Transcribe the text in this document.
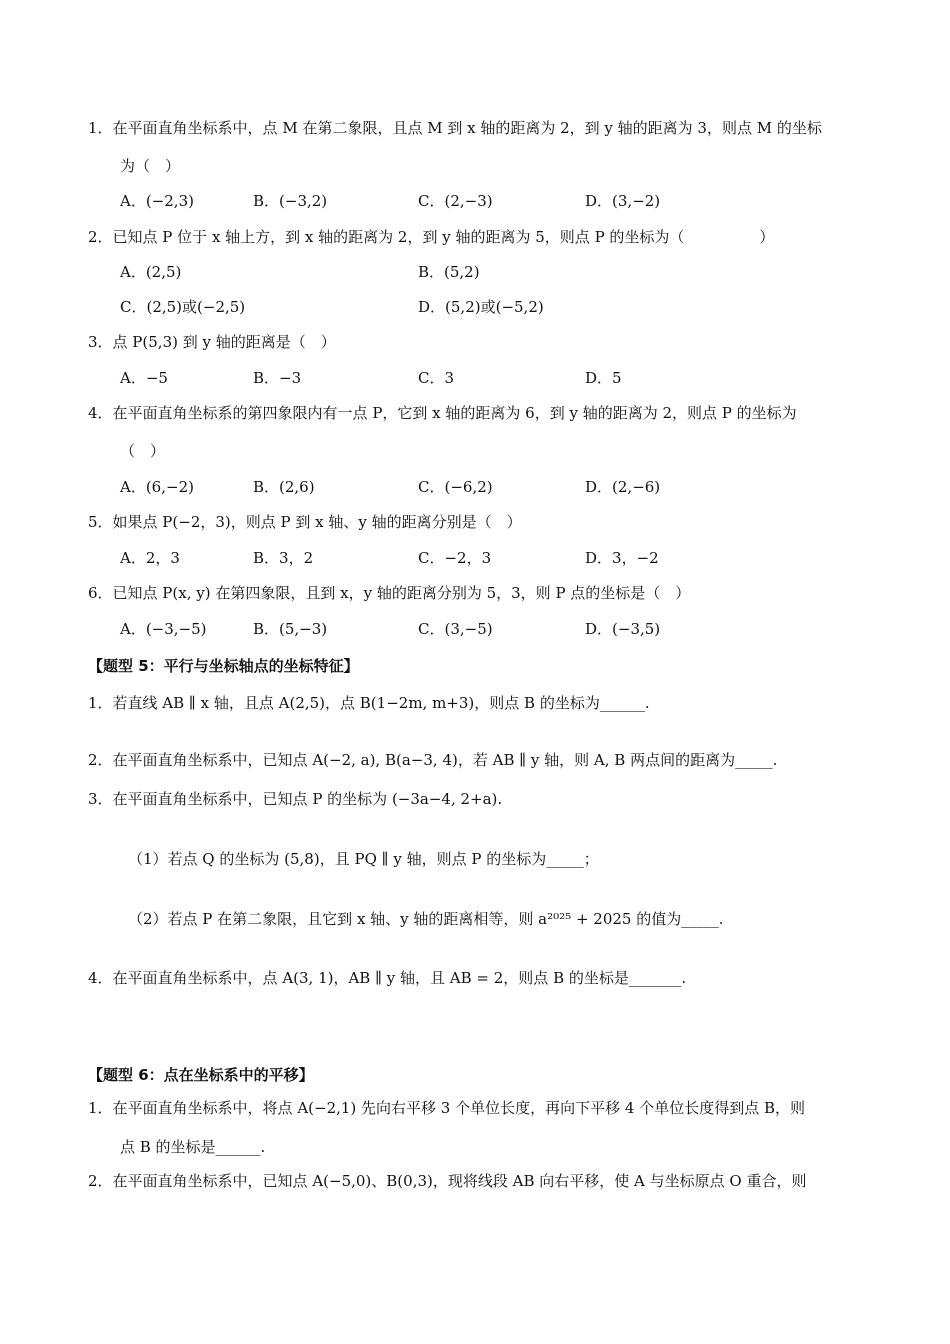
1．在平面直角坐标系中，点 M 在第二象限，且点 M 到 x 轴的距离为 2，到 y 轴的距离为 3，则点 M 的坐标
为（　）
A．(−2,3)	B．(−3,2)	C．(2,−3)	D．(3,−2)
2．已知点 P 位于 x 轴上方，到 x 轴的距离为 2，到 y 轴的距离为 5，则点 P 的坐标为（　　　　　）
A．(2,5)	B．(5,2)
C．(2,5)或(−2,5)	D．(5,2)或(−5,2)
3．点 P(5,3) 到 y 轴的距离是（　）
A．−5	B．−3	C．3	D．5
4．在平面直角坐标系的第四象限内有一点 P，它到 x 轴的距离为 6，到 y 轴的距离为 2，则点 P 的坐标为
（　）
A．(6,−2)	B．(2,6)	C．(−6,2)	D．(2,−6)
5．如果点 P(−2，3)，则点 P 到 x 轴、y 轴的距离分别是（　）
A．2，3	B．3，2	C．−2，3	D．3，−2
6．已知点 P(x, y) 在第四象限，且到 x，y 轴的距离分别为 5，3，则 P 点的坐标是（　）
A．(−3,−5)	B．(5,−3)	C．(3,−5)	D．(−3,5)
【题型 5：平行与坐标轴点的坐标特征】
1．若直线 AB ∥ x 轴，且点 A(2,5)，点 B(1−2m, m+3)，则点 B 的坐标为______.
2．在平面直角坐标系中，已知点 A(−2, a), B(a−3, 4)，若 AB ∥ y 轴，则 A, B 两点间的距离为_____.
3．在平面直角坐标系中，已知点 P 的坐标为 (−3a−4, 2+a).
（1）若点 Q 的坐标为 (5,8)，且 PQ ∥ y 轴，则点 P 的坐标为_____；
（2）若点 P 在第二象限，且它到 x 轴、y 轴的距离相等，则 a²⁰²⁵ + 2025 的值为_____.
4．在平面直角坐标系中，点 A(3, 1)，AB ∥ y 轴，且 AB = 2，则点 B 的坐标是_______.
【题型 6：点在坐标系中的平移】
1．在平面直角坐标系中，将点 A(−2,1) 先向右平移 3 个单位长度，再向下平移 4 个单位长度得到点 B，则
点 B 的坐标是______.
2．在平面直角坐标系中，已知点 A(−5,0)、B(0,3)，现将线段 AB 向右平移，使 A 与坐标原点 O 重合，则
